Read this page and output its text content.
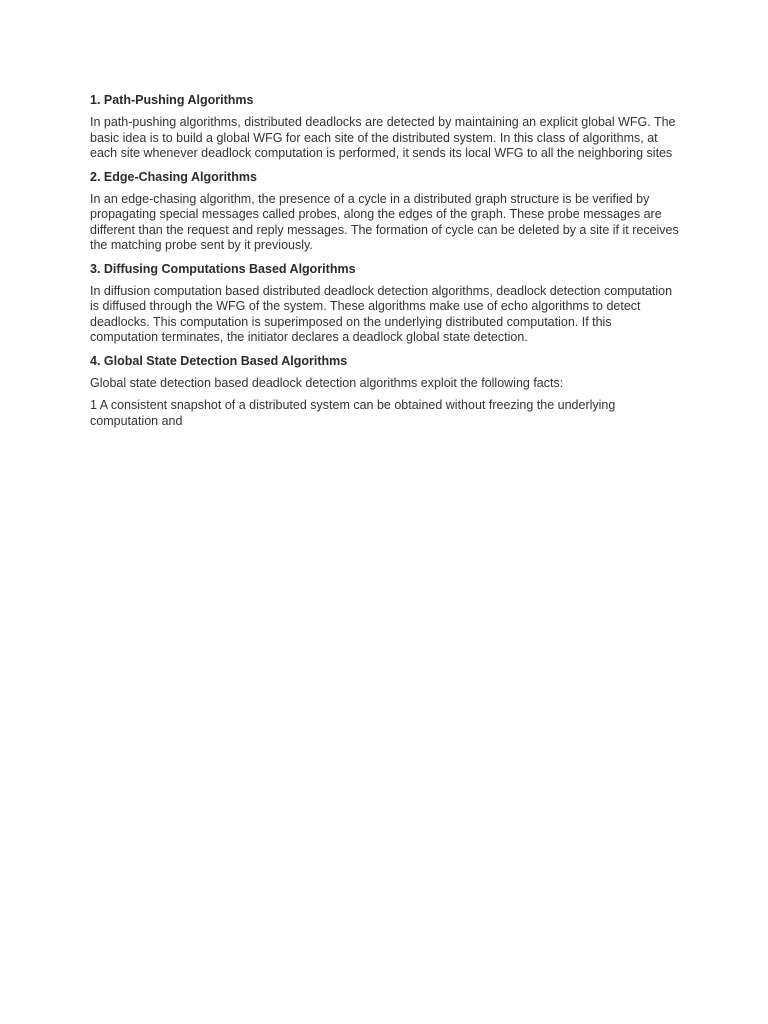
1. Path-Pushing Algorithms
In path-pushing algorithms, distributed deadlocks are detected by maintaining an explicit global WFG. The basic idea is to build a global WFG for each site of the distributed system. In this class of algorithms, at each site whenever deadlock computation is performed, it sends its local WFG to all the neighboring sites
2. Edge-Chasing Algorithms
In an edge-chasing algorithm, the presence of a cycle in a distributed graph structure is be verified by propagating special messages called probes, along the edges of the graph. These probe messages are different than the request and reply messages. The formation of cycle can be deleted by a site if it receives the matching probe sent by it previously.
3. Diffusing Computations Based Algorithms
In diffusion computation based distributed deadlock detection algorithms, deadlock detection computation is diffused through the WFG of the system. These algorithms make use of echo algorithms to detect deadlocks. This computation is superimposed on the underlying distributed computation. If this computation terminates, the initiator declares a deadlock global state detection.
4. Global State Detection Based Algorithms
Global state detection based deadlock detection algorithms exploit the following facts:
1 A consistent snapshot of a distributed system can be obtained without freezing the underlying computation and
